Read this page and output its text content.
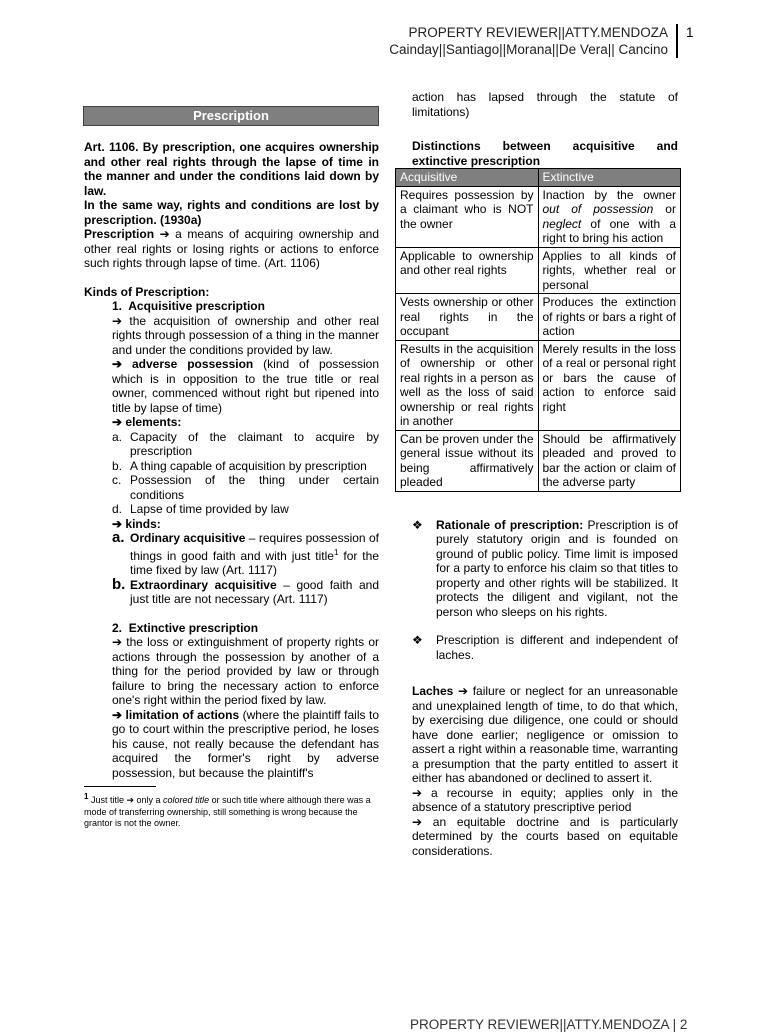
PROPERTY REVIEWER||ATTY.MENDOZA
Cainday||Santiago||Morana||De Vera|| Cancino
1
Prescription

Art. 1106. By prescription, one acquires ownership and other real rights through the lapse of time in the manner and under the conditions laid down by law.

In the same way, rights and conditions are lost by prescription. (1930a)

Prescription ➔ a means of acquiring ownership and other real rights or losing rights or actions to enforce such rights through lapse of time. (Art. 1106)

Kinds of Prescription:

1. Acquisitive prescription

➔ the acquisition of ownership and other real rights through possession of a thing in the manner and under the conditions provided by law.

➔ adverse possession (kind of possession which is in opposition to the true title or real owner, commenced without right but ripened into title by lapse of time)

➔ elements:

a. Capacity of the claimant to acquire by prescription
b. A thing capable of acquisition by prescription
c. Possession of the thing under certain conditions
d. Lapse of time provided by law

➔ kinds:

a. Ordinary acquisitive – requires possession of things in good faith and with just title$^1$ for the time fixed by law (Art. 1117)
b. Extraordinary acquisitive – good faith and just title are not necessary (Art. 1117)

2. Extinctive prescription

➔ the loss or extinguishment of property rights or actions through the possession by another of a thing for the period provided by law or through failure to bring the necessary action to enforce one's right within the period fixed by law.

➔ limitation of actions (where the plaintiff fails to go to court within the prescriptive period, he loses his cause, not really because the defendant has acquired the former's right by adverse possession, but because the plaintiff's

$^1$ Just title ➔ only a colored title or such title where although there was a mode of transferring ownership, still something is wrong because the grantor is not the owner.

action has lapsed through the statute of limitations)

Distinctions between acquisitive and extinctive prescription

Acquisitive	Extinctive
Requires possession by a claimant who is NOT the owner	Inaction by the owner out of possession or neglect of one with a right to bring his action
Applicable to ownership and other real rights	Applies to all kinds of rights, whether real or personal
Vests ownership or other real rights in the occupant	Produces the extinction of rights or bars a right of action
Results in the acquisition of ownership or other real rights in a person as well as the loss of said ownership or real rights in another	Merely results in the loss of a real or personal right or bars the cause of action to enforce said right
Can be proven under the general issue without its being affirmatively pleaded	Should be affirmatively pleaded and proved to bar the action or claim of the adverse party
❖	Rationale of prescription: Prescription is of purely statutory origin and is founded on ground of public policy. Time limit is imposed for a party to enforce his claim so that titles to property and other rights will be stabilized. It protects the diligent and vigilant, not the person who sleeps on his rights.
❖	Prescription is different and independent of laches.

Laches ➔ failure or neglect for an unreasonable and unexplained length of time, to do that which, by exercising due diligence, one could or should have done earlier; negligence or omission to assert a right within a reasonable time, warranting a presumption that the party entitled to assert it either has abandoned or declined to assert it.

➔ a recourse in equity; applies only in the absence of a statutory prescriptive period

➔ an equitable doctrine and is particularly determined by the courts based on equitable considerations.

PROPERTY REVIEWER||ATTY.MENDOZA | 2
